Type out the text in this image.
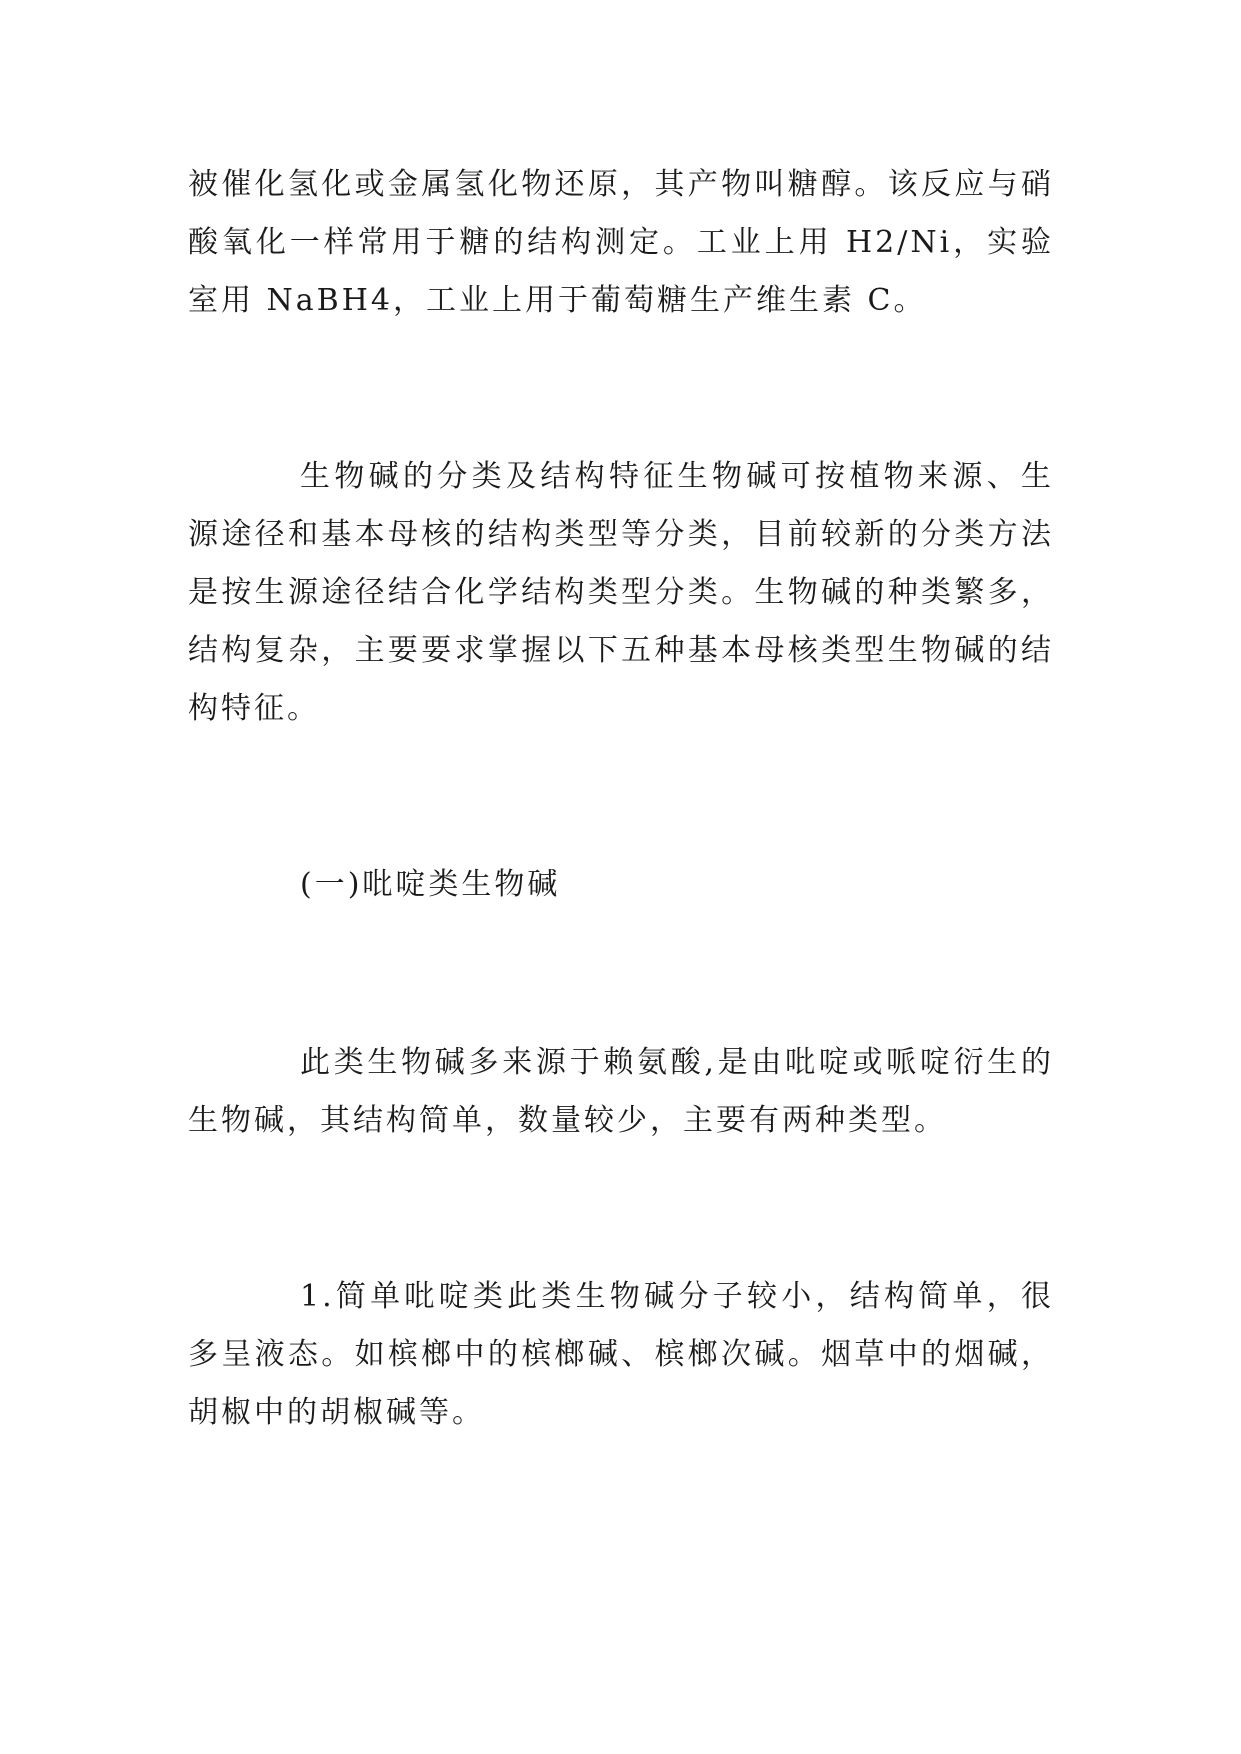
被催化氢化或金属氢化物还原，其产物叫糖醇。该反应与硝酸氧化一样常用于糖的结构测定。工业上用 H2/Ni，实验室用 NaBH4，工业上用于葡萄糖生产维生素 C。

生物碱的分类及结构特征生物碱可按植物来源、生源途径和基本母核的结构类型等分类，目前较新的分类方法是按生源途径结合化学结构类型分类。生物碱的种类繁多，结构复杂，主要要求掌握以下五种基本母核类型生物碱的结构特征。

(一)吡啶类生物碱

此类生物碱多来源于赖氨酸,是由吡啶或哌啶衍生的生物碱，其结构简单，数量较少，主要有两种类型。

1.简单吡啶类此类生物碱分子较小，结构简单，很多呈液态。如槟榔中的槟榔碱、槟榔次碱。烟草中的烟碱，胡椒中的胡椒碱等。
